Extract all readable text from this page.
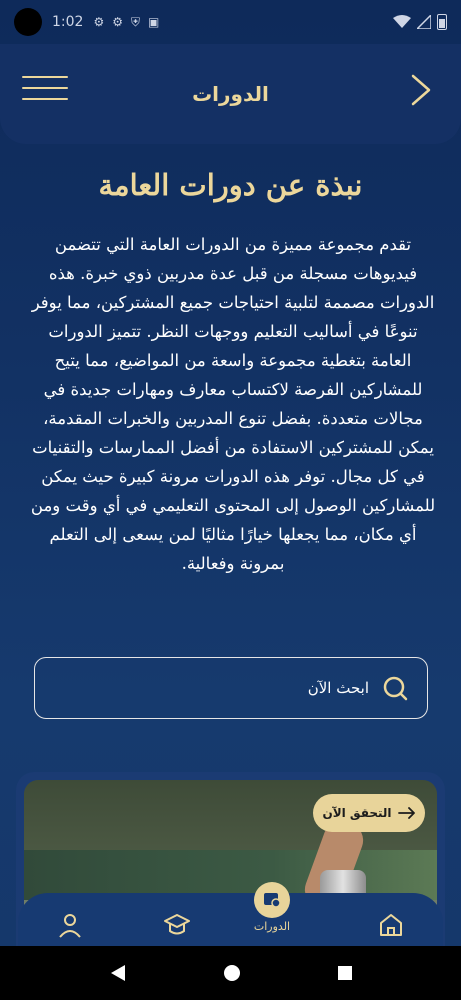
1:02 ⚙ ⚙ ⛨ ▣
الدورات
نبذة عن دورات العامة

تقدم مجموعة مميزة من الدورات العامة التي تتضمن فيديوهات مسجلة من قبل عدة مدربين ذوي خبرة. هذه الدورات مصممة لتلبية احتياجات جميع المشتركين، مما يوفر تنوعًا في أساليب التعليم ووجهات النظر. تتميز الدورات العامة بتغطية مجموعة واسعة من المواضيع، مما يتيح للمشاركين الفرصة لاكتساب معارف ومهارات جديدة في مجالات متعددة. بفضل تنوع المدربين والخبرات المقدمة، يمكن للمشتركين الاستفادة من أفضل الممارسات والتقنيات في كل مجال. توفر هذه الدورات مرونة كبيرة حيث يمكن للمشاركين الوصول إلى المحتوى التعليمي في أي وقت ومن أي مكان، مما يجعلها خيارًا مثاليًا لمن يسعى إلى التعلم بمرونة وفعالية.

ابحث الآن
التحقق الآن
الدورات
